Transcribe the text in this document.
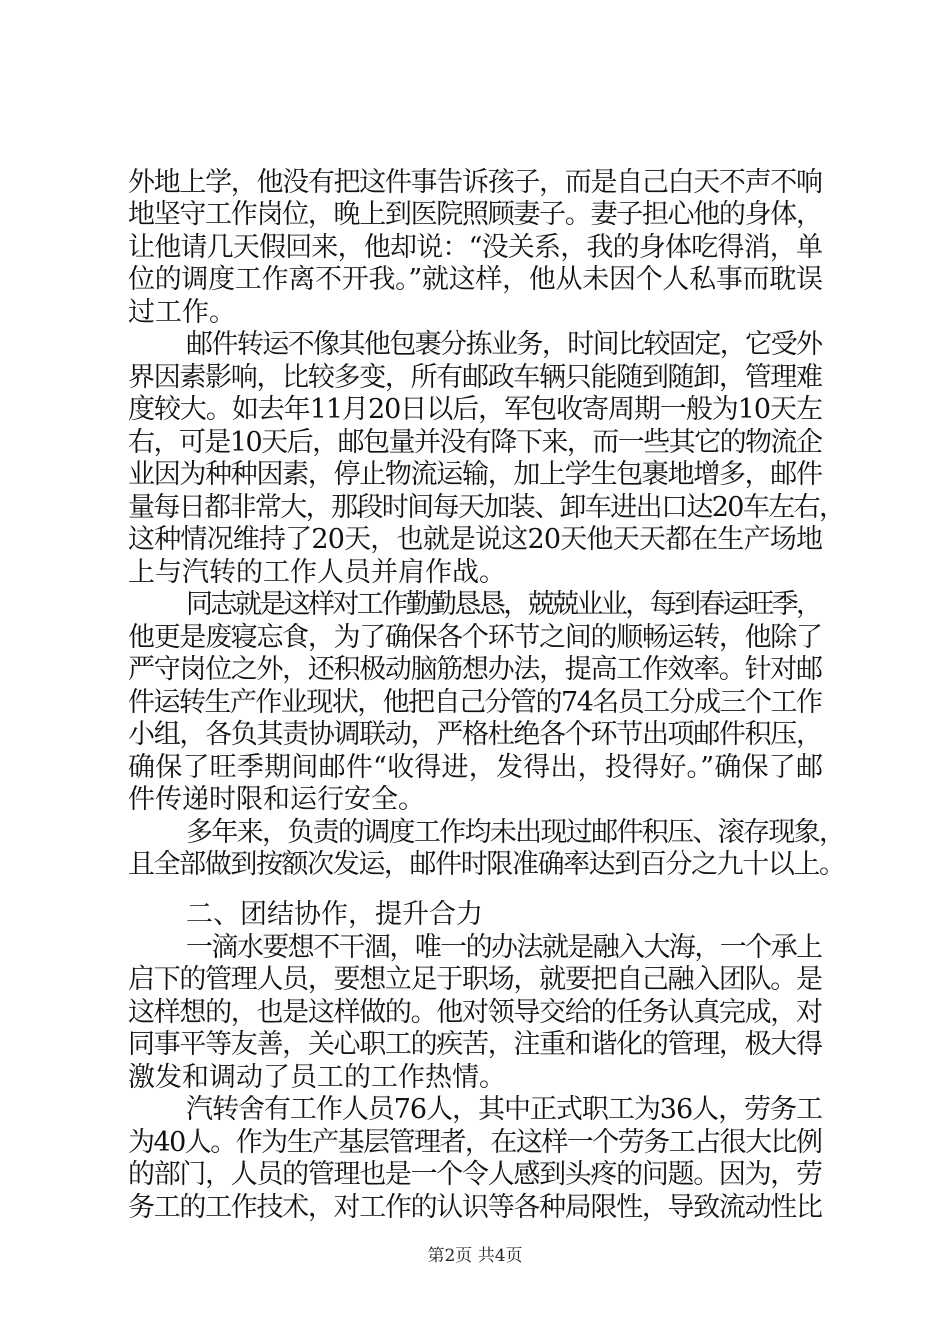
外地上学，他没有把这件事告诉孩子，而是自己白天不声不响
地坚守工作岗位，晚上到医院照顾妻子。妻子担心他的身体，
让他请几天假回来，他却说：“没关系，我的身体吃得消，单
位的调度工作离不开我。”就这样，他从未因个人私事而耽误
过工作。
邮件转运不像其他包裹分拣业务，时间比较固定，它受外
界因素影响，比较多变，所有邮政车辆只能随到随卸，管理难
度较大。如去年11月20日以后，军包收寄周期一般为10天左
右，可是10天后，邮包量并没有降下来，而一些其它的物流企
业因为种种因素，停止物流运输，加上学生包裹地增多，邮件
量每日都非常大，那段时间每天加装、卸车进出口达20车左右，
这种情况维持了20天，也就是说这20天他天天都在生产场地
上与汽转的工作人员并肩作战。
同志就是这样对工作勤勤恳恳，兢兢业业，每到春运旺季，
他更是废寝忘食，为了确保各个环节之间的顺畅运转，他除了
严守岗位之外，还积极动脑筋想办法，提高工作效率。针对邮
件运转生产作业现状，他把自己分管的74名员工分成三个工作
小组，各负其责协调联动，严格杜绝各个环节出项邮件积压，
确保了旺季期间邮件“收得进，发得出，投得好。”确保了邮
件传递时限和运行安全。
多年来，负责的调度工作均未出现过邮件积压、滚存现象，
且全部做到按额次发运，邮件时限准确率达到百分之九十以上。
二、团结协作，提升合力
一滴水要想不干涸，唯一的办法就是融入大海，一个承上
启下的管理人员，要想立足于职场，就要把自己融入团队。是
这样想的，也是这样做的。他对领导交给的任务认真完成，对
同事平等友善，关心职工的疾苦，注重和谐化的管理，极大得
激发和调动了员工的工作热情。
汽转舍有工作人员76人，其中正式职工为36人，劳务工
为40人。作为生产基层管理者，在这样一个劳务工占很大比例
的部门，人员的管理也是一个令人感到头疼的问题。因为，劳
务工的工作技术，对工作的认识等各种局限性，导致流动性比
第2页 共4页
